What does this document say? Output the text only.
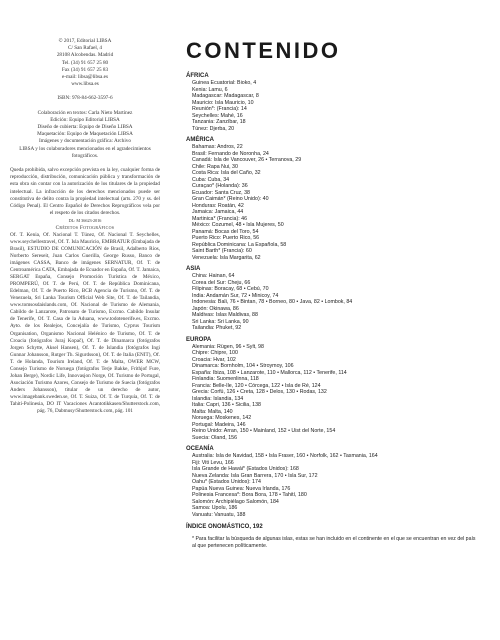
© 2017, Editorial LIBSA
C/ San Rafael, 4
28108 Alcobendas. Madrid
Tel. (34) 91 657 25 80
Fax (34) 91 657 25 83
e-mail: libsa@libsa.es
www.libsa.es
ISBN: 978-84-662-3597-6
Colaboración en textos: Carla Nieto Martínez
Edición: Equipo Editorial LIBSA
Diseño de cubierta: Equipo de Diseño LIBSA
Maquetación: Equipo de Maquetación LIBSA
Imágenes y documentación gráfica: Archivo
LIBSA y los colaboradores mencionados en el agradecimientos fotográficos.

Queda prohibida, salvo excepción prevista en la ley, cualquier forma de reproducción, distribución, comunicación pública y transformación de esta obra sin contar con la autorización de los titulares de la propiedad intelectual. La infracción de los derechos mencionados puede ser constitutiva de delito contra la propiedad intelectual (arts. 270 y ss. del Código Penal). El Centro Español de Derechos Reprográficos vela por el respeto de los citados derechos.

DL: M 36623-2016

Créditos Fotográficos

Of. T. Kenia, Of. Nacional T. Túnez, Of. Nacional T. Seychelles, www.seychellestravel, Of. T. Isla Mauricio, EMBRATUR (Embajada de Brasil), ESTUDIO DE COMUNICACIÓN de Brasil, Adalberto Ríos, Norberto Sereseit, Juan Carlos Guerilla, George Russo, Banco de imágenes CASSA, Banco de imágenes SERNATUR, Of. T. de Centroamérica CATA, Embajada de Ecuador en España, Of. T. Jamaica, SERGAT España, Consejo Promoción Turística de México, PROMPERÚ, Of. T. de Perú, Of. T. de República Dominicana, Edelman, Of. T. de Puerto Rico, BCB Agencia de Turismo, Of. T. de Venezuela, Sri Lanka Tourism Official Web Site, Of. T. de Tailandia, www.tomsosdaislands.com, Of. Nacional de Turismo de Alemania, Cabildo de Lanzarote, Patronato de Turismo, Excmo. Cabildo Insular de Tenerife, Of. T. Casa de la Aduana, www.todotenerife.es, Excmo. Ayto. de los Realejos, Concejalía de Turismo, Cyprus Tourism Organisation, Organismo Nacional Helénico de Turismo, Of. T. de Croacia (fotógrafos Juraj Kopač), Of. T. de Dinamarca (fotógrafos Jorgen Schytte, Aksel Hansen), Of. T. de Islandia (fotógrafos Ingi Gunnar Johansson, Rutger Th. Sigurdsson), Of. T. de Italia (ENIT), Of. T. de Holanda, Tourism Ireland, Of. T. de Malta, OWER MCW, Consejo Turismo de Noruega (fotógrafos Terje Bakke, Frithjof Fure, Johan Berge), Nordic Life, Innovasjon Norge, Of. Turismo de Portugal, Asociación Turismo Azores, Consejo de Turismo de Suecia (fotógrafos Anders Johansson), titular de un derecho de autor, www.imagebank.sweden.se, Of. T. Suiza, Of. T. de Turquía, Of. T. de Tahití-Polinesia, DO IT Vacaciones Acantotikkasen/Shutterstock.com, pág. 76, Dabmusy/Shutterstock.com, pág. 101

CONTENIDO
ÁFRICA
Guinea Ecuatorial: Bioko, 4
Kenia: Lamu, 6
Madagascar: Madagascar, 8
Mauricio: Isla Mauricio, 10
Reunión*: (Francia): 14
Seychelles: Mahé, 16
Tanzania: Zanzíbar, 18
Túnez: Djerba, 20
AMÉRICA
Bahamas: Andros, 22
Brasil: Fernando de Noronha, 24
Canadá: Isla de Vancouver, 26 • Terranova, 29
Chile: Rapa Nui, 30
Costa Rica: Isla del Caño, 32
Cuba: Cuba, 34
Curaçao* (Holanda): 36
Ecuador: Santa Cruz, 38
Gran Caimán* (Reino Unido): 40
Honduras: Roatán, 42
Jamaica: Jamaica, 44
Martinica* (Francia): 46
México: Cozumel, 48 • Isla Mujeres, 50
Panamá: Bocas del Toro, 54
Puerto Rico: Puerto Rico, 56
República Dominicana: La Española, 58
Saint Barth* (Francia): 60
Venezuela: Isla Margarita, 62
ASIA
China: Hainan, 64
Corea del Sur: Cheju, 66
Filipinas: Boracay, 68 • Cebú, 70
India: Andamán Sur, 72 • Minicoy, 74
Indonesia: Bali, 76 • Bintan, 78 • Borneo, 80 • Java, 82 • Lombok, 84
Japón: Okinawa, 86
Maldivas: Islas Maldivas, 88
Sri Lanka: Sri Lanka, 90
Tailandia: Phuket, 92
EUROPA
Alemania: Rügen, 96 • Sylt, 98
Chipre: Chipre, 100
Croacia: Hvar, 102
Dinamarca: Bornholm, 104 • Stroymoy, 106
España: Ibiza, 108 • Lanzarote, 110 • Mallorca, 112 • Tenerife, 114
Finlandia: Suomenlinna, 118
Francia: Belle-Île, 120 • Córcega, 122 • Isla de Ré, 124
Grecia: Corfú, 126 • Creta, 128 • Delos, 130 • Rodas, 132
Islandia: Islandia, 134
Italia: Capri, 136 • Sicilia, 138
Malta: Malta, 140
Noruega: Moskenes, 142
Portugal: Madeira, 146
Reino Unido: Arran, 150 • Mainland, 152 • Uist del Norte, 154
Suecia: Öland, 156
OCEANÍA
Australia: Isla de Navidad, 158 • Isla Fraser, 160 • Norfolk, 162 • Tasmania, 164
Fiji: Viti Levu, 166
Isla Grande de Hawái* (Estados Unidos): 168
Nueva Zelanda: Isla Gran Barrera, 170 • Isla Sur, 172
Oahu* (Estados Unidos): 174
Papúa Nueva Guinea: Nueva Irlanda, 176
Polinesia Francesa*: Bora Bora, 178 • Tahití, 180
Salomón: Archipiélago Salomón, 184
Samoa: Upolu, 186
Vanuatu: Vanuatu, 188
ÍNDICE ONOMÁSTICO, 192
* Para facilitar la búsqueda de algunas islas, estas se han incluido en el continente en el que se encuentran en vez del país al que pertenecen políticamente.
